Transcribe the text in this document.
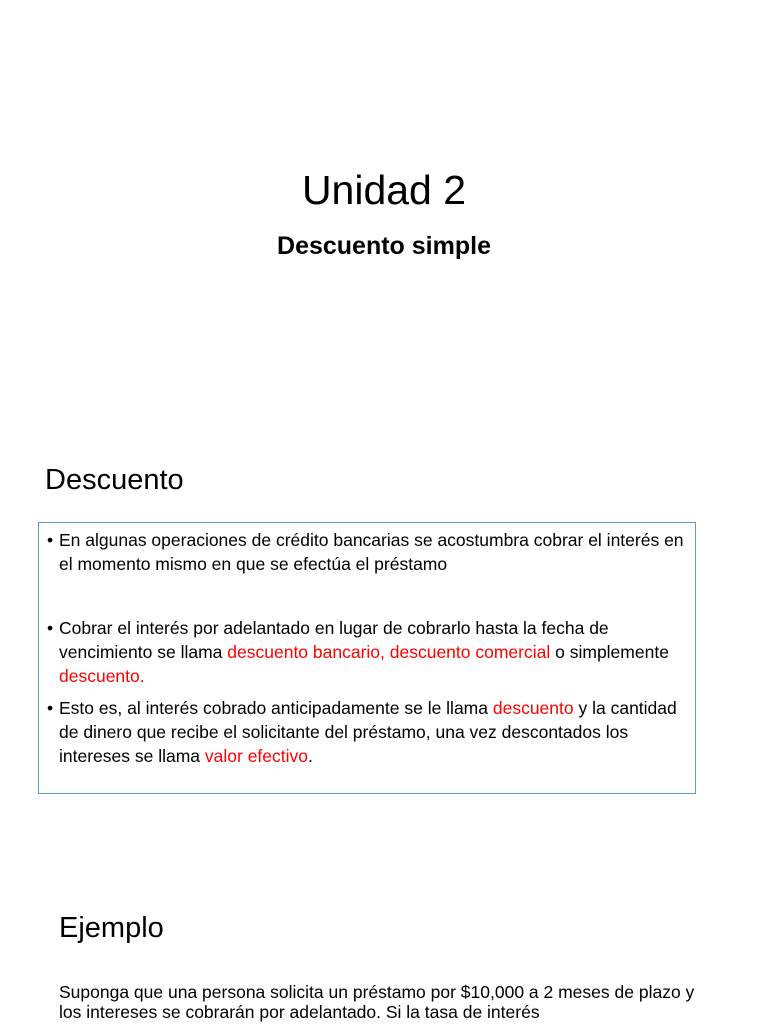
Unidad 2
Descuento simple
Descuento
• En algunas operaciones de crédito bancarias se acostumbra cobrar el interés en el momento mismo en que se efectúa el préstamo
• Cobrar el interés por adelantado en lugar de cobrarlo hasta la fecha de vencimiento se llama descuento bancario, descuento comercial o simplemente descuento.
• Esto es, al interés cobrado anticipadamente se le llama descuento y la cantidad de dinero que recibe el solicitante del préstamo, una vez descontados los intereses se llama valor efectivo.
Ejemplo

Suponga que una persona solicita un préstamo por $10,000 a 2 meses de plazo y los intereses se cobrarán por adelantado. Si la tasa de interés
